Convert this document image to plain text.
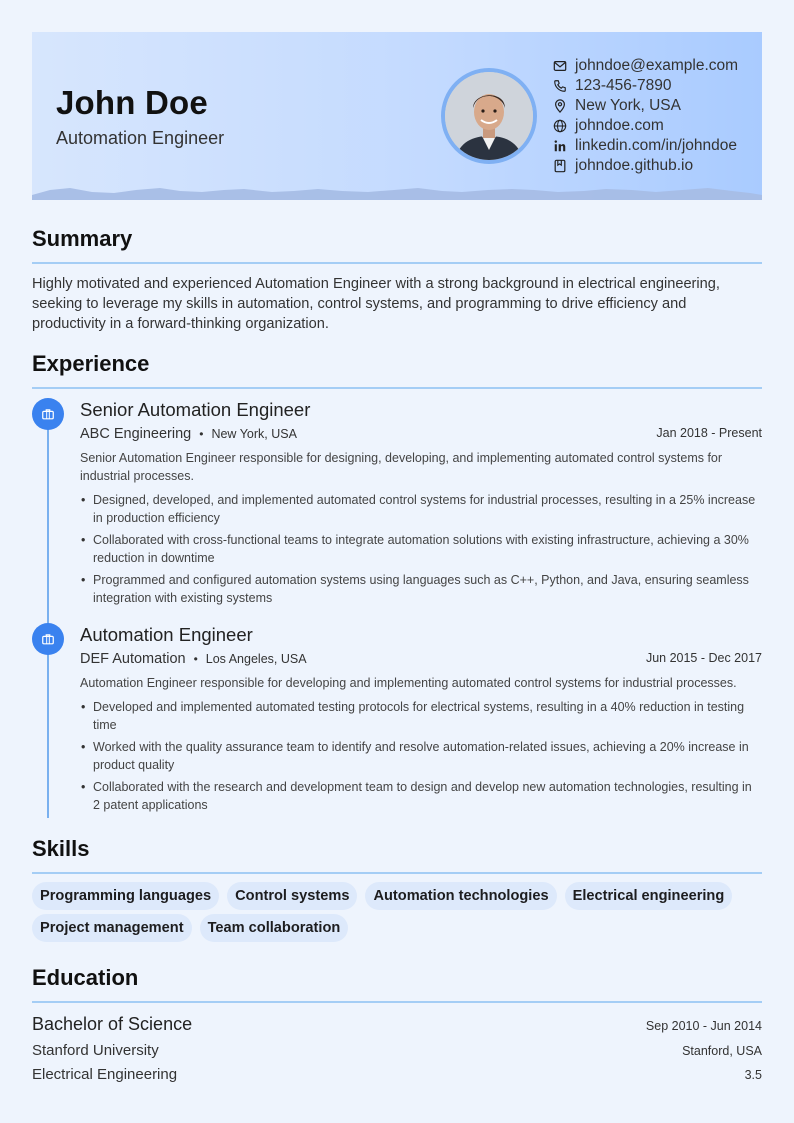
John Doe
Automation Engineer
johndoe@example.com
123-456-7890
New York, USA
johndoe.com
linkedin.com/in/johndoe
johndoe.github.io
Summary
Highly motivated and experienced Automation Engineer with a strong background in electrical engineering, seeking to leverage my skills in automation, control systems, and programming to drive efficiency and productivity in a forward-thinking organization.
Experience
Senior Automation Engineer
ABC Engineering • New York, USA	Jan 2018 - Present
Senior Automation Engineer responsible for designing, developing, and implementing automated control systems for industrial processes.
• Designed, developed, and implemented automated control systems for industrial processes, resulting in a 25% increase in production efficiency
• Collaborated with cross-functional teams to integrate automation solutions with existing infrastructure, achieving a 30% reduction in downtime
• Programmed and configured automation systems using languages such as C++, Python, and Java, ensuring seamless integration with existing systems
Automation Engineer
DEF Automation • Los Angeles, USA	Jun 2015 - Dec 2017
Automation Engineer responsible for developing and implementing automated control systems for industrial processes.
• Developed and implemented automated testing protocols for electrical systems, resulting in a 40% reduction in testing time
• Worked with the quality assurance team to identify and resolve automation-related issues, achieving a 20% increase in product quality
• Collaborated with the research and development team to design and develop new automation technologies, resulting in 2 patent applications
Skills
Programming languages	Control systems	Automation technologies	Electrical engineering
Project management	Team collaboration
Education
Bachelor of Science	Sep 2010 - Jun 2014
Stanford University	Stanford, USA
Electrical Engineering	3.5
